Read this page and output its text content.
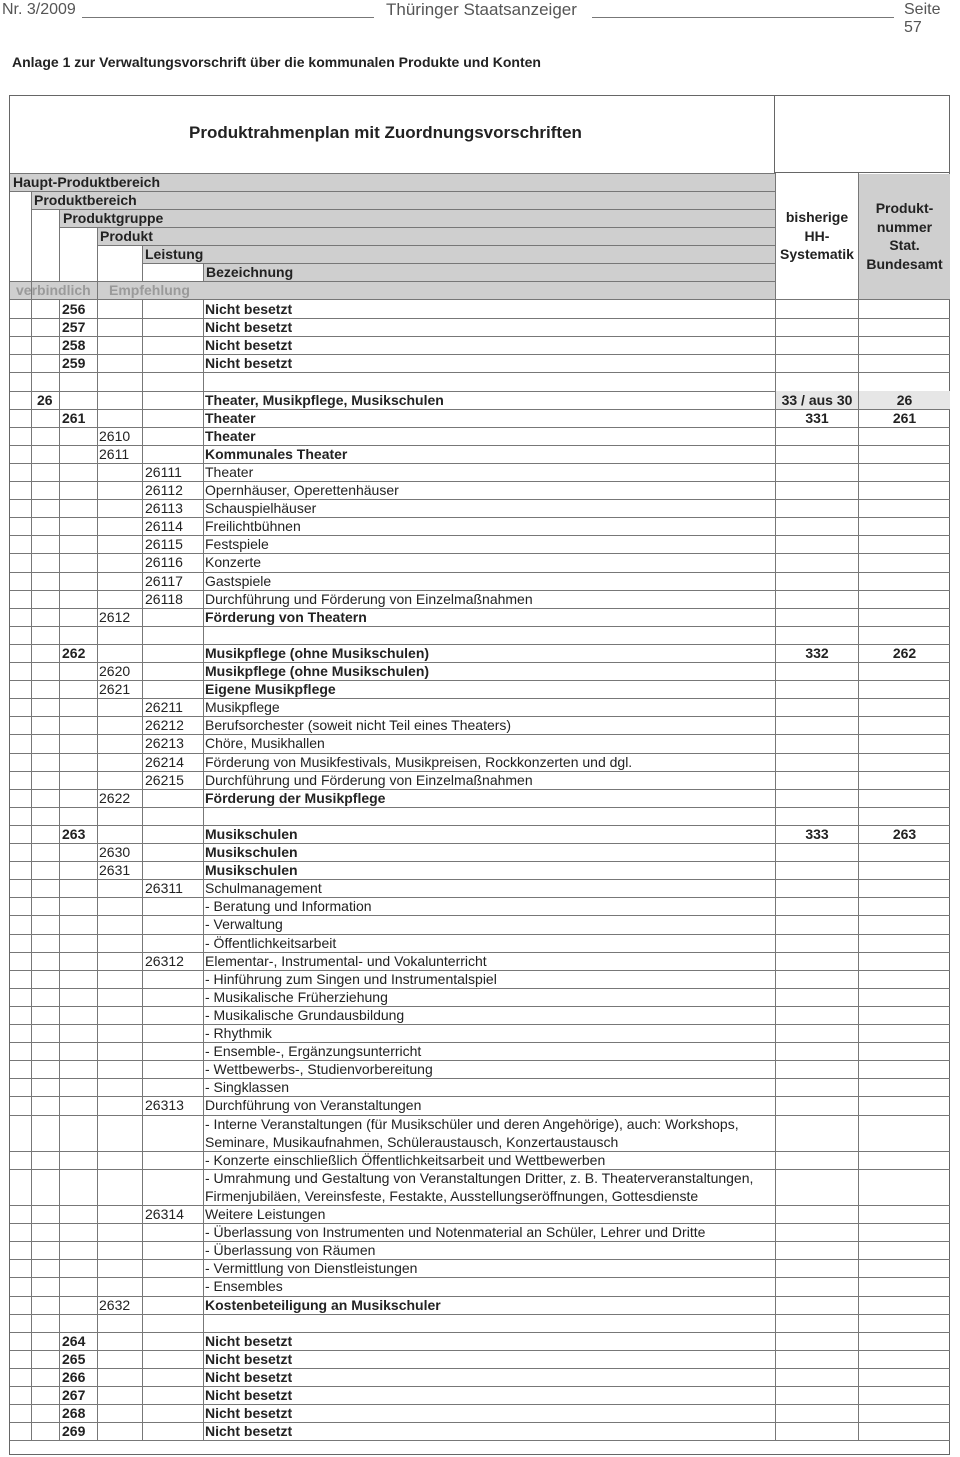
Nr. 3/2009	Thüringer Staatsanzeiger	Seite 57
Anlage 1 zur Verwaltungsvorschrift über die kommunalen Produkte und Konten
Produktrahmenplan mit Zuordnungsvorschriften
Haupt-Produktbereich
Produktbereich
Produktgruppe
Produkt
Leistung
Bezeichnung
verbindlich Empfehlung
bisherige
HH-
Systematik
Produkt-
nummer
Stat.
Bundesamt
256	Nicht besetzt
257	Nicht besetzt
258	Nicht besetzt
259	Nicht besetzt
26	Theater, Musikpflege, Musikschulen	33 / aus 30	26
261	Theater	331	261
2610	Theater
2611	Kommunales Theater
26111 Theater
26112 Opernhäuser, Operettenhäuser
26113 Schauspielhäuser
26114 Freilichtbühnen
26115 Festspiele
26116 Konzerte
26117 Gastspiele
26118 Durchführung und Förderung von Einzelmaßnahmen
2612	Förderung von Theatern
262	Musikpflege (ohne Musikschulen)	332	262
2620	Musikpflege (ohne Musikschulen)
2621	Eigene Musikpflege
26211 Musikpflege
26212 Berufsorchester (soweit nicht Teil eines Theaters)
26213 Chöre, Musikhallen
26214 Förderung von Musikfestivals, Musikpreisen, Rockkonzerten und dgl.
26215 Durchführung und Förderung von Einzelmaßnahmen
2622	Förderung der Musikpflege
263	Musikschulen	333	263
2630	Musikschulen
2631	Musikschulen
26311 Schulmanagement
- Beratung und Information
- Verwaltung
- Öffentlichkeitsarbeit
26312 Elementar-, Instrumental- und Vokalunterricht
- Hinführung zum Singen und Instrumentalspiel
- Musikalische Früherziehung
- Musikalische Grundausbildung
- Rhythmik
- Ensemble-, Ergänzungsunterricht
- Wettbewerbs-, Studienvorbereitung
- Singklassen
26313 Durchführung von Veranstaltungen
- Interne Veranstaltungen (für Musikschüler und deren Angehörige), auch: Workshops,
Seminare, Musikaufnahmen, Schüleraustausch, Konzertaustausch
- Konzerte einschließlich Öffentlichkeitsarbeit und Wettbewerben
- Umrahmung und Gestaltung von Veranstaltungen Dritter, z. B. Theaterveranstaltungen,
Firmenjubiläen, Vereinsfeste, Festakte, Ausstellungseröffnungen, Gottesdienste
26314 Weitere Leistungen
- Überlassung von Instrumenten und Notenmaterial an Schüler, Lehrer und Dritte
- Überlassung von Räumen
- Vermittlung von Dienstleistungen
- Ensembles
2632	Kostenbeteiligung an Musikschuler
264	Nicht besetzt
265	Nicht besetzt
266	Nicht besetzt
267	Nicht besetzt
268	Nicht besetzt
269	Nicht besetzt
